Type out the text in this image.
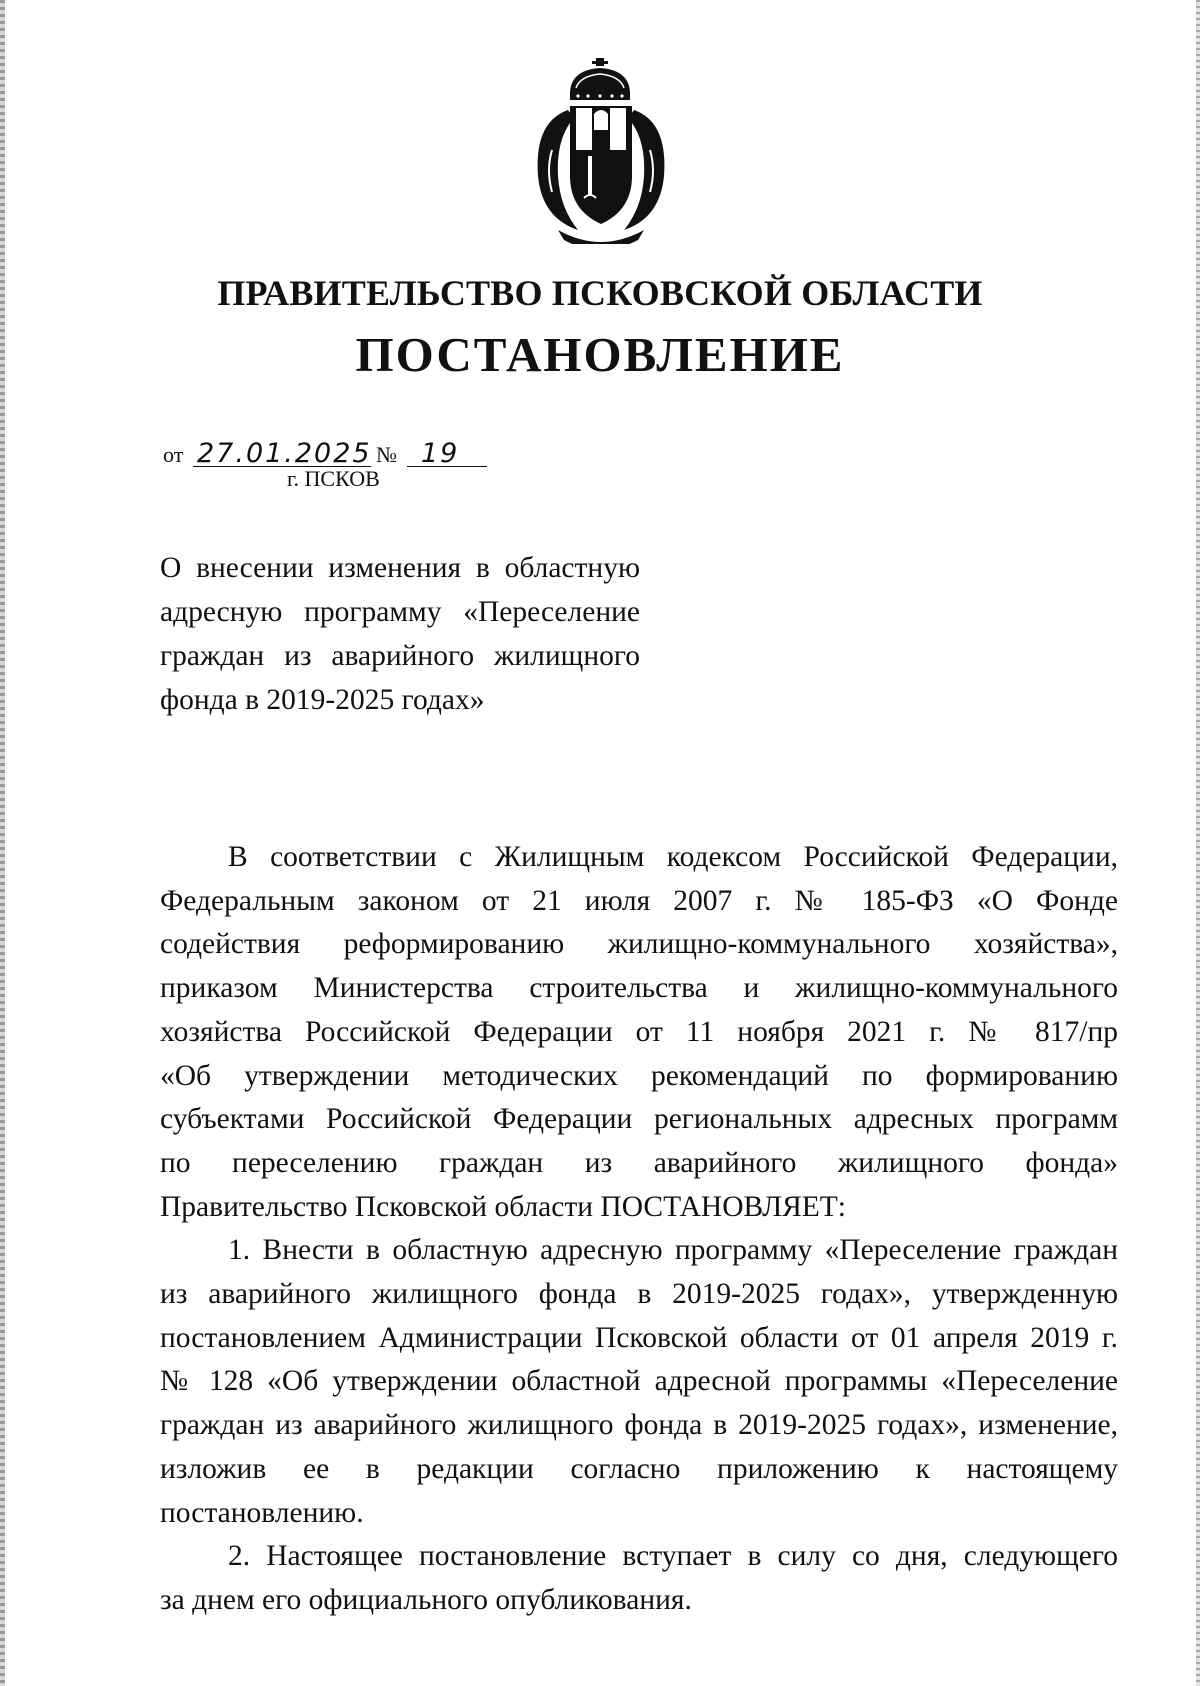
ПРАВИТЕЛЬСТВО ПСКОВСКОЙ ОБЛАСТИ
ПОСТАНОВЛЕНИЕ
от 27.01.2025 № 19
г. ПСКОВ
О внесении изменения в областную
адресную программу «Переселение
граждан из аварийного жилищного
фонда в 2019-2025 годах»
В соответствии с Жилищным кодексом Российской Федерации,
Федеральным законом от 21 июля 2007 г. № 185-ФЗ «О Фонде
содействия реформированию жилищно-коммунального хозяйства»,
приказом Министерства строительства и жилищно-коммунального
хозяйства Российской Федерации от 11 ноября 2021 г. № 817/пр
«Об утверждении методических рекомендаций по формированию
субъектами Российской Федерации региональных адресных программ
по переселению граждан из аварийного жилищного фонда»
Правительство Псковской области ПОСТАНОВЛЯЕТ:
1. Внести в областную адресную программу «Переселение граждан
из аварийного жилищного фонда в 2019-2025 годах», утвержденную
постановлением Администрации Псковской области от 01 апреля 2019 г.
№ 128 «Об утверждении областной адресной программы «Переселение
граждан из аварийного жилищного фонда в 2019-2025 годах», изменение,
изложив ее в редакции согласно приложению к настоящему
постановлению.
2. Настоящее постановление вступает в силу со дня, следующего
за днем его официального опубликования.
